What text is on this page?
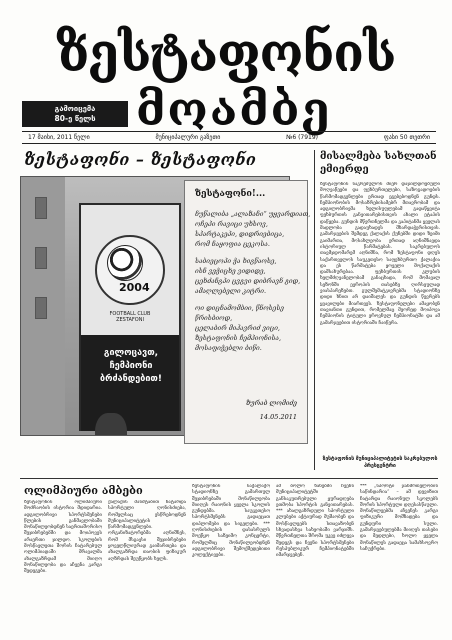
ზესტაფონის
გამოიცემა
80-ე წელს მოამბე
17 მაისი, 2011 წელი	მუნიციპალური გაზეთი	№6 (7919)	ფასი 50 თეთრი
ზესტაფონი – ზესტაფონი
2004
FOOTBALL CLUB ZESTAFONI
გილოცავთ, ჩემპიონი ბრძანდებით!
ზესტაფონი!...
ნუწალიბა „ალაზანი“ უყვარდიათ,
ოჩეპი რავიცი უხსოვ,
სპარტაკეპი, დიდრიებიცა,
რომ ნაყოფია ცეკოსა.
საბიეცოპი ჭა ხიგწაოსე,
ისნ ვეჭიცხე ვიდიდე,
ცეხძანგპი ცვგვი დიბრავნ გიდ,
ამაღლებელი კიტრი.
ოი დიცნამომბიი, წნოსესე
წრისბიოდ,
ცელაბირ მიჰავრიძ ვიცი,
ზესტაფონის ჩემპიონისა,
მოსაფიჭებლი ბიწი.
ზურაბ ლომიძე
14.05.2011
მისალმება სახლთან ემიერდე
ზესტაფონის საკრებულოს მიერ დაჯილდოებული მოღვაწეები და ფეხბურთელები, საზოგადოების წარმომადგენლები ერთად ეგებებოდნენ გუნდს. ჩემპიონობის მოსაზრებისამებრ მთავრობამ და ადგილობრივმა ხელისუფლებამ გადაწყვიტა ფეხბურთის განვითარებისთვის ახალი ეტაპის დაწყება. გუნდის მწვრთნელმა და კაპიტანმა ყველას მადლობა გადაუხადეს მხარდაჭერისთვის. გამარჯვების შემდეგ ქალაქის ქუჩებში დიდი ზეიმი გაიმართა, მოსახლეობა ერთად აღნიშნავდა ისტორიულ წარმატებას. საკრებულოს თავმჯდომარემ აღნიშნა, რომ ზესტაფონი დღეს საქართველოს საუკეთესო საფეხბურთო ქალაქია და ეს წარმატება ყოველი მოქალაქის დამსახურებაა. ფეხბურთის კლუბის ხელმძღვანელობამ განაცხადა, რომ მომავალ სეზონში ევროპის თასებზე ღირსეულად ვიასპარეზებთ. გულშემატკივრებმა სტადიონზე დიდი ხნით არ დაიშალეს და გუნდის წევრებს ყვავილები მიართვეს. ზესტაფონელები ამაყობენ თავიანთი გუნდით, რომელმაც მეორედ მოიპოვა ჩემპიონის ტიტული ეროვნულ ჩემპიონატში და ამ გამარჯვებით ისტორიაში ჩაიწერა.
ზესტაფონის მუნიციპალიტეტის საკრებულოს პრესცენტრი
ოლიმპიური ამბები
ზესტაფონის ოლიმპიური მოძრაობის ისტორია მდიდარია. ადგილობრივი სპორტსმენები წლების განმავლობაში მონაწილეობდნენ საერთაშორისო შეჯიბრებებში და მოიპოვეს არაერთი ჯილდო. სკოლების მოსწავლეთა შორის ჩატარებულ ოლიმპიადაში მრავალმა ახალგაზრდამ მიიღო მონაწილეობა და აჩვენა კარგი შედეგები.
ქალაქის მასშტაბით ჩატარდა სპორტული ღონისძიება, რომელსაც ესწრებოდნენ მუნიციპალიტეტის წარმომადგენლები. ორგანიზატორებმა აღნიშნეს, რომ მსგავსი შეჯიბრებები ყოველწლიურად გაიმართება და ახალგაზრდა თაობის ფიზიკურ აღზრდას შეუწყობს ხელს.
ზესტაფონის საქალაქო სტადიონზე გამართულ შეჯიბრებაში მონაწილეობა მიიღეს რაიონის ყველა სკოლის გუნდებმა. საუკეთესო სპორტსმენებს გადაეცათ დიპლომები და სიგელები. *** ღონისძიების დასასრულს მოეწყო საზეიმო კონცერტი, რომელშიც მონაწილეობდნენ ადგილობრივი შემოქმედებითი კოლექტივები.
ამ ბოლო ხანებში ჩვენს მუნიციპალიტეტში განსაკუთრებული ყურადღება ეთმობა სპორტის განვითარებას. *** ახალგაზრდული სპორტული კლუბები აქტიურად მუშაობენ და მოსწავლეებს სთავაზობენ სხვადასხვა სახეობაში ვარჯიშს. მწვრთნელთა შრომა უკვე იძლევა შედეგს და ჩვენი სპორტსმენები რესპუბლიკურ ჩემპიონატებში იმარჯვებენ.
*** „სპორტი ჯანმრთელობის საწინდარია“ – ამ დევიზით ჩატარდა რაიონულ სკოლებს შორის სპორტული დღესასწაული. მონაწილეებმა აჩვენეს კარგი ფიზიკური მომზადება და გუნდური სული. გამარჯვებულებმა მიიღეს თასები და მედლები, ხოლო ყველა მონაწილეს გადაეცა სამახსოვრო საჩუქრები.
